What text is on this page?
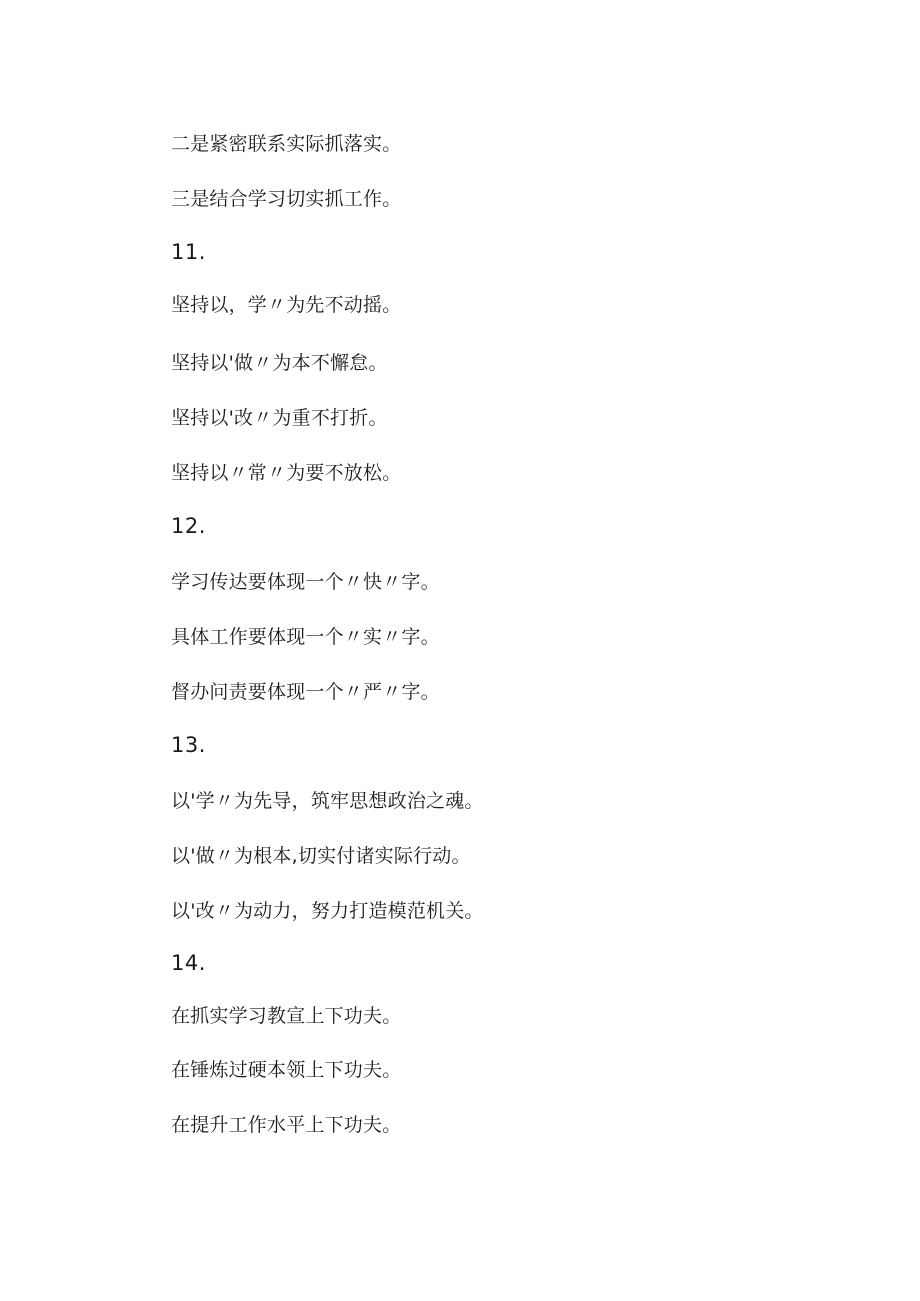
二是紧密联系实际抓落实。
三是结合学习切实抓工作。
11.
坚持以，学〃为先不动摇。
坚持以'做〃为本不懈怠。
坚持以'改〃为重不打折。
坚持以〃常〃为要不放松。
12.
学习传达要体现一个〃快〃字。
具体工作要体现一个〃实〃字。
督办问责要体现一个〃严〃字。
13.
以'学〃为先导，筑牢思想政治之魂。
以'做〃为根本,切实付诸实际行动。
以'改〃为动力，努力打造模范机关。
14.
在抓实学习教宣上下功夫。
在锤炼过硬本领上下功夫。
在提升工作水平上下功夫。
